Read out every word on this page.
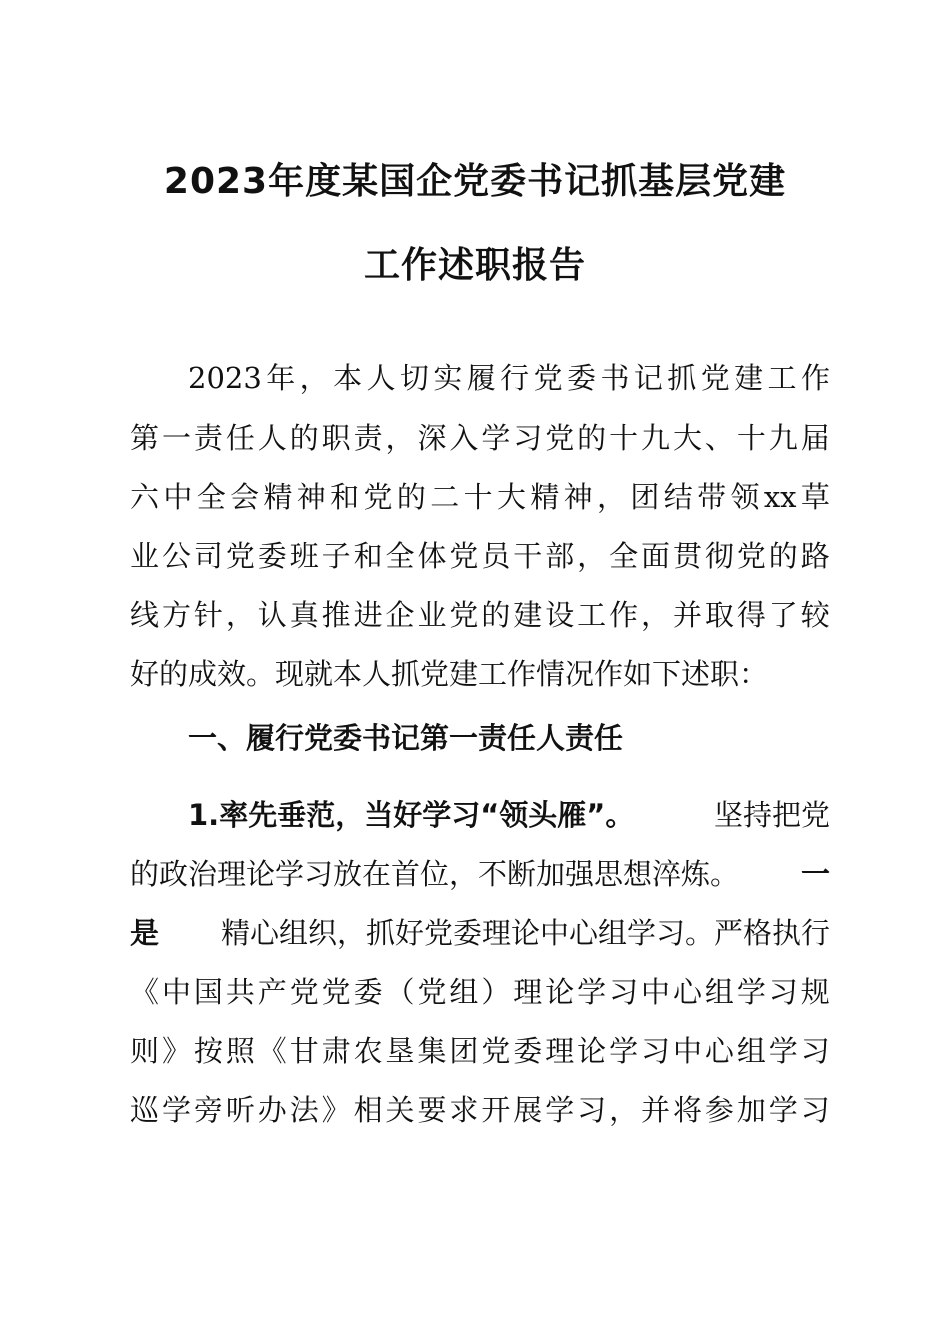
2023年度某国企党委书记抓基层党建
工作述职报告
2023 年 ， 本 人 切 实 履 行 党 委 书 记 抓 党 建 工 作
第 一 责 任 人 的 职 责 ， 深 入 学 习 党 的 十 九 大 、 十 九 届
六 中 全 会 精 神 和 党 的 二 十 大 精 神 ， 团 结 带 领 xx 草
业 公 司 党 委 班 子 和 全 体 党 员 干 部 ， 全 面 贯 彻 党 的 路
线 方 针 ， 认 真 推 进 企 业 党 的 建 设 工 作 ， 并 取 得 了 较
好的成效。现就本人抓党建工作情况作如下述职：
一、履行党委书记第一责任人责任
1.率先垂范，当好学习“领头雁”。	坚持把党
的政治理论学习放在首位，不断加强思想淬炼。 一
是 精心组织，抓好党委理论中心组学习。严格执行
《 中 国 共 产 党 党 委 （ 党 组 ） 理 论 学 习 中 心 组 学 习 规
则 》 按 照 《 甘 肃 农 垦 集 团 党 委 理 论 学 习 中 心 组 学 习
巡 学 旁 听 办 法 》 相 关 要 求 开 展 学 习 ， 并 将 参 加 学 习
